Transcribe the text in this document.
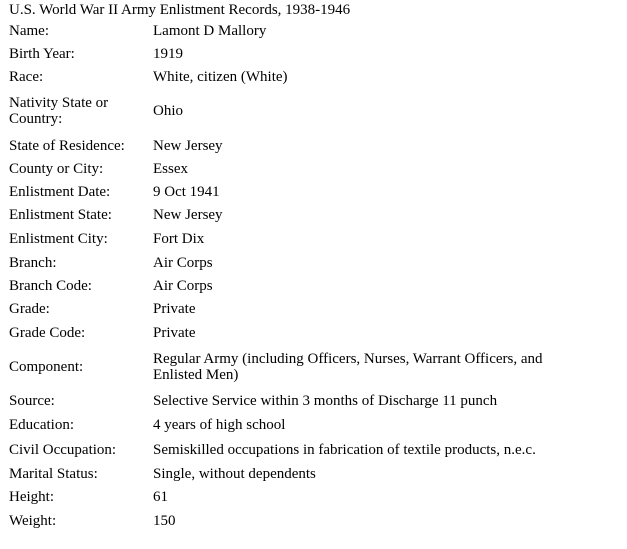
U.S. World War II Army Enlistment Records, 1938-1946
Name:	Lamont D Mallory
Birth Year:	1919
Race:	White, citizen (White)
Nativity State or Country:	Ohio
State of Residence:	New Jersey
County or City:	Essex
Enlistment Date:	9 Oct 1941
Enlistment State:	New Jersey
Enlistment City:	Fort Dix
Branch:	Air Corps
Branch Code:	Air Corps
Grade:	Private
Grade Code:	Private
Component:	Regular Army (including Officers, Nurses, Warrant Officers, and Enlisted Men)
Source:	Selective Service within 3 months of Discharge 11 punch
Education:	4 years of high school
Civil Occupation:	Semiskilled occupations in fabrication of textile products, n.e.c.
Marital Status:	Single, without dependents
Height:	61
Weight:	150
